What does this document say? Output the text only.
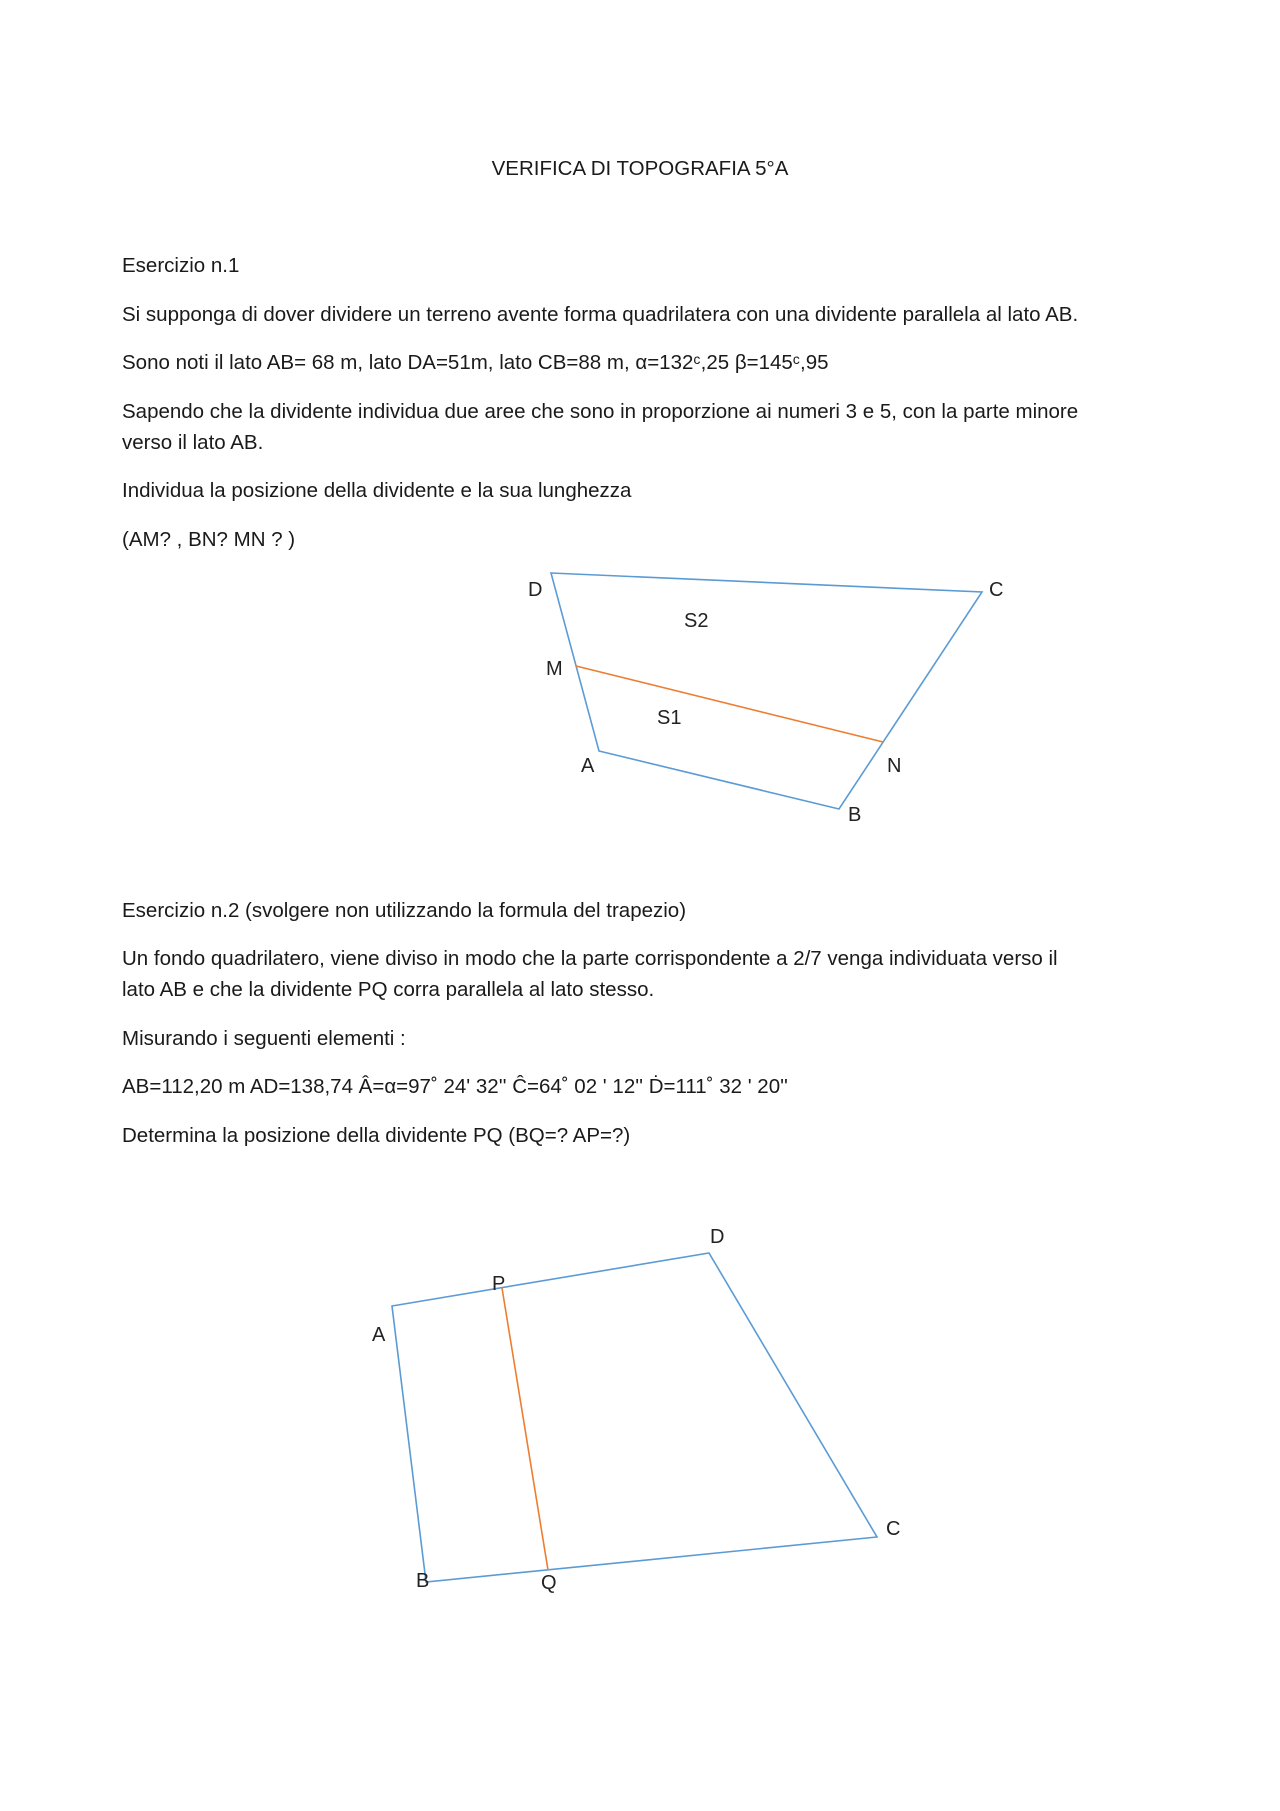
VERIFICA DI TOPOGRAFIA 5°A
Esercizio n.1
Si supponga di dover dividere un terreno avente forma quadrilatera con una dividente parallela al lato AB.
Sono noti il lato AB= 68 m, lato DA=51m, lato CB=88 m, α=132ᶜ,25 β=145ᶜ,95
Sapendo che la dividente individua due aree che sono in proporzione ai numeri 3 e 5, con la parte minore
verso il lato AB.
Individua la posizione della dividente e la sua lunghezza
(AM? , BN? MN ? )
Esercizio n.2 (svolgere non utilizzando la formula del trapezio)
Un fondo quadrilatero, viene diviso in modo che la parte corrispondente a 2/7 venga individuata verso il
lato AB e che la dividente PQ corra parallela al lato stesso.
Misurando i seguenti elementi :
AB=112,20 m AD=138,74 Â=α=97˚ 24' 32'' Ĉ=64˚ 02 ' 12'' Ḋ=111˚ 32 ' 20''
Determina la posizione della dividente PQ (BQ=? AP=?)
D	C
M
A	N
B
S2
S1
D
P
A
C
B	Q
